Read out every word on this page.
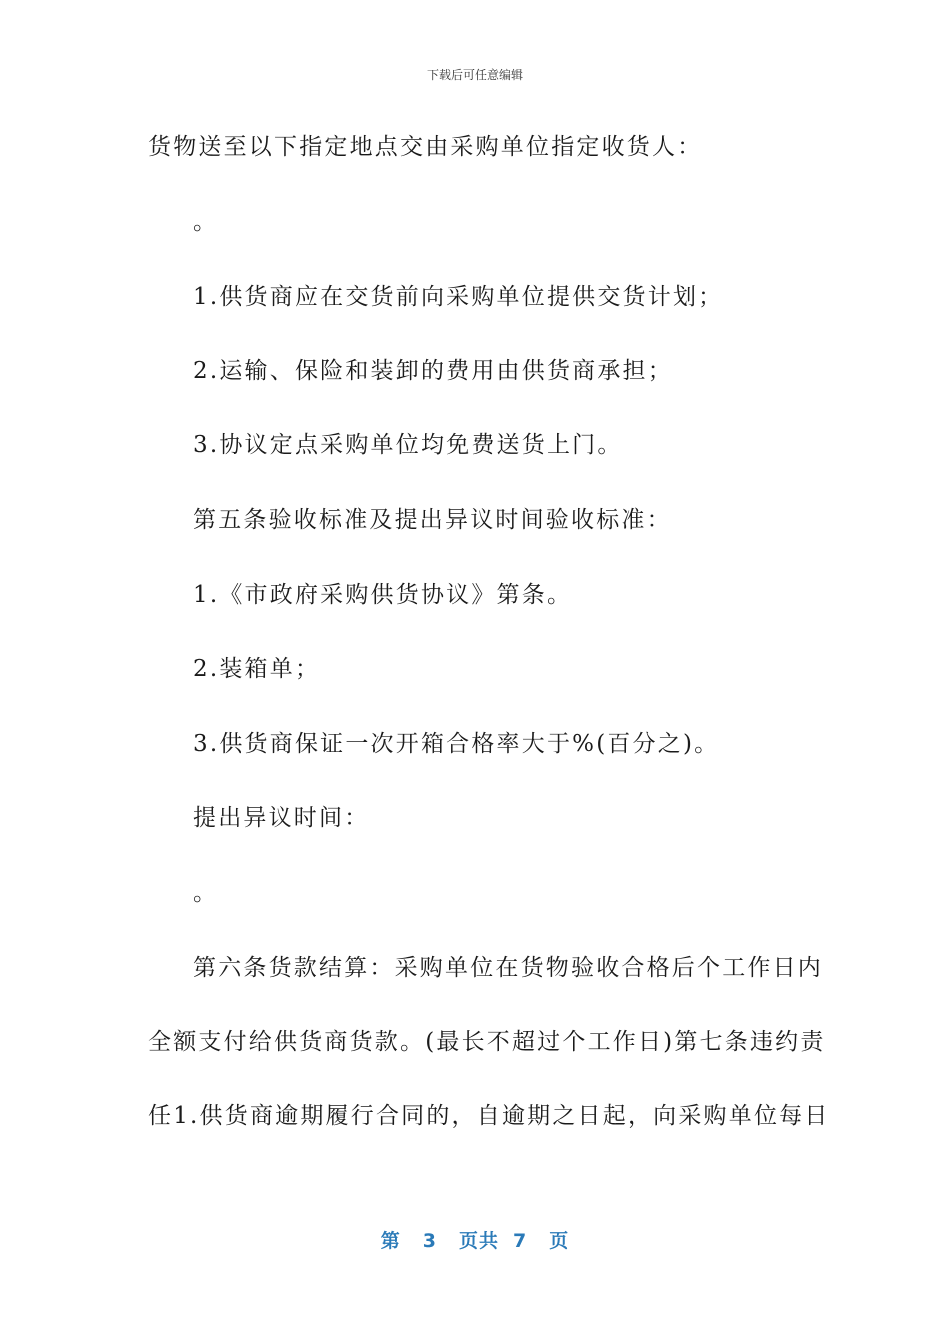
下载后可任意编辑
货物送至以下指定地点交由采购单位指定收货人：
。
1.供货商应在交货前向采购单位提供交货计划；
2.运输、保险和装卸的费用由供货商承担；
3.协议定点采购单位均免费送货上门。
第五条验收标准及提出异议时间验收标准：
1.《市政府采购供货协议》第条。
2.装箱单；
3.供货商保证一次开箱合格率大于%(百分之)。
提出异议时间：
。
第六条货款结算：采购单位在货物验收合格后个工作日内
全额支付给供货商货款。(最长不超过个工作日)第七条违约责
任1.供货商逾期履行合同的，自逾期之日起，向采购单位每日
第 3 页共 7 页
